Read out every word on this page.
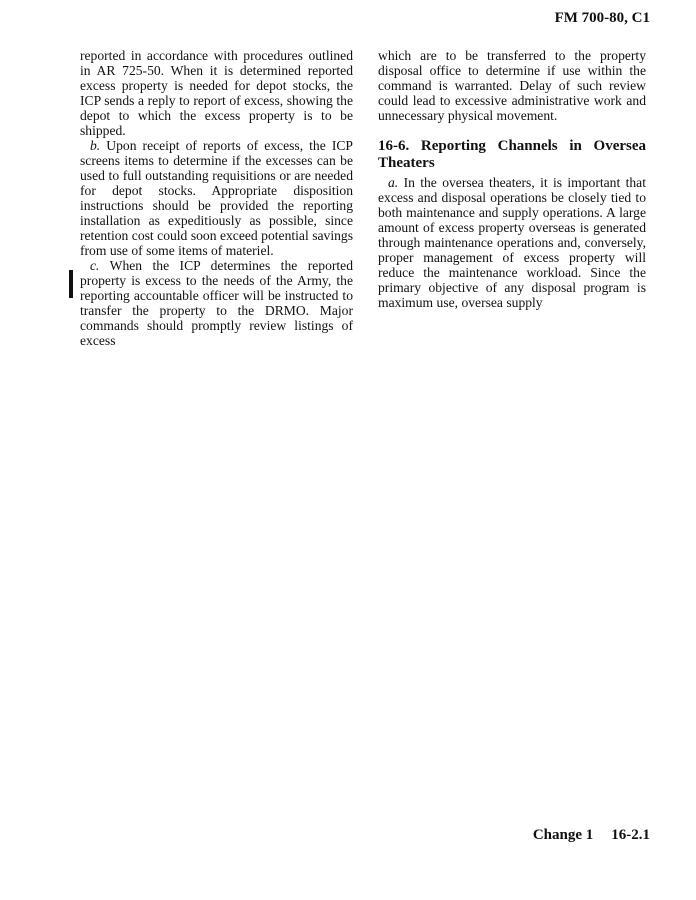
FM 700-80, C1

reported in accordance with procedures outlined in AR 725-50. When it is determined reported excess property is needed for depot stocks, the ICP sends a reply to report of excess, showing the depot to which the excess property is to be shipped.

b. Upon receipt of reports of excess, the ICP screens items to determine if the excesses can be used to full outstanding requisitions or are needed for depot stocks. Appropriate disposition instructions should be provided the reporting installation as expeditiously as possible, since retention cost could soon exceed potential savings from use of some items of materiel.

c. When the ICP determines the reported property is excess to the needs of the Army, the reporting accountable officer will be instructed to transfer the property to the DRMO. Major commands should promptly review listings of excess

which are to be transferred to the property disposal office to determine if use within the command is warranted. Delay of such review could lead to excessive administrative work and unnecessary physical movement.

16-6. Reporting Channels in Oversea Theaters

a. In the oversea theaters, it is important that excess and disposal operations be closely tied to both maintenance and supply operations. A large amount of excess property overseas is generated through maintenance operations and, conversely, proper management of excess property will reduce the maintenance workload. Since the primary objective of any disposal program is maximum use, oversea supply

Change 1 16-2.1
